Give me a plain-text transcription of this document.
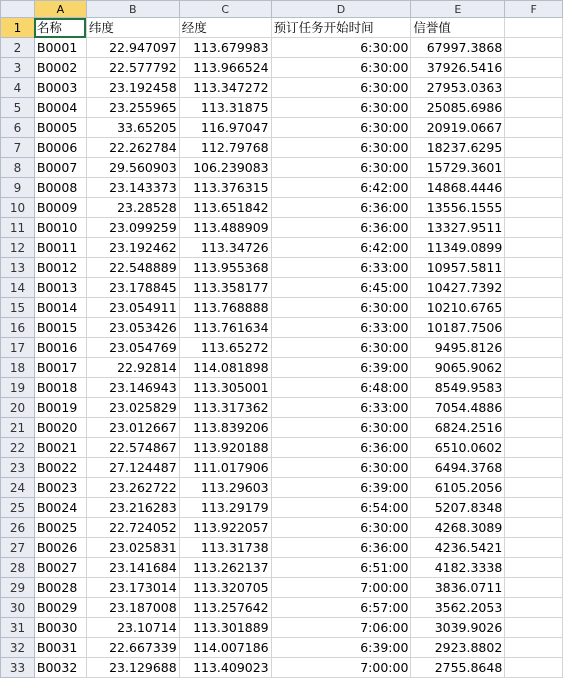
	A	B	C	D	E	F
1	名称	纬度	经度	预订任务开始时间	信誉值	
2	B0001	22.947097	113.679983	6:30:00	67997.3868	
3	B0002	22.577792	113.966524	6:30:00	37926.5416	
4	B0003	23.192458	113.347272	6:30:00	27953.0363	
5	B0004	23.255965	113.31875	6:30:00	25085.6986	
6	B0005	33.65205	116.97047	6:30:00	20919.0667	
7	B0006	22.262784	112.79768	6:30:00	18237.6295	
8	B0007	29.560903	106.239083	6:30:00	15729.3601	
9	B0008	23.143373	113.376315	6:42:00	14868.4446	
10	B0009	23.28528	113.651842	6:36:00	13556.1555	
11	B0010	23.099259	113.488909	6:36:00	13327.9511	
12	B0011	23.192462	113.34726	6:42:00	11349.0899	
13	B0012	22.548889	113.955368	6:33:00	10957.5811	
14	B0013	23.178845	113.358177	6:45:00	10427.7392	
15	B0014	23.054911	113.768888	6:30:00	10210.6765	
16	B0015	23.053426	113.761634	6:33:00	10187.7506	
17	B0016	23.054769	113.65272	6:30:00	9495.8126	
18	B0017	22.92814	114.081898	6:39:00	9065.9062	
19	B0018	23.146943	113.305001	6:48:00	8549.9583	
20	B0019	23.025829	113.317362	6:33:00	7054.4886	
21	B0020	23.012667	113.839206	6:30:00	6824.2516	
22	B0021	22.574867	113.920188	6:36:00	6510.0602	
23	B0022	27.124487	111.017906	6:30:00	6494.3768	
24	B0023	23.262722	113.29603	6:39:00	6105.2056	
25	B0024	23.216283	113.29179	6:54:00	5207.8348	
26	B0025	22.724052	113.922057	6:30:00	4268.3089	
27	B0026	23.025831	113.31738	6:36:00	4236.5421	
28	B0027	23.141684	113.262137	6:51:00	4182.3338	
29	B0028	23.173014	113.320705	7:00:00	3836.0711	
30	B0029	23.187008	113.257642	6:57:00	3562.2053	
31	B0030	23.10714	113.301889	7:06:00	3039.9026	
32	B0031	22.667339	114.007186	6:39:00	2923.8802	
33	B0032	23.129688	113.409023	7:00:00	2755.8648	
